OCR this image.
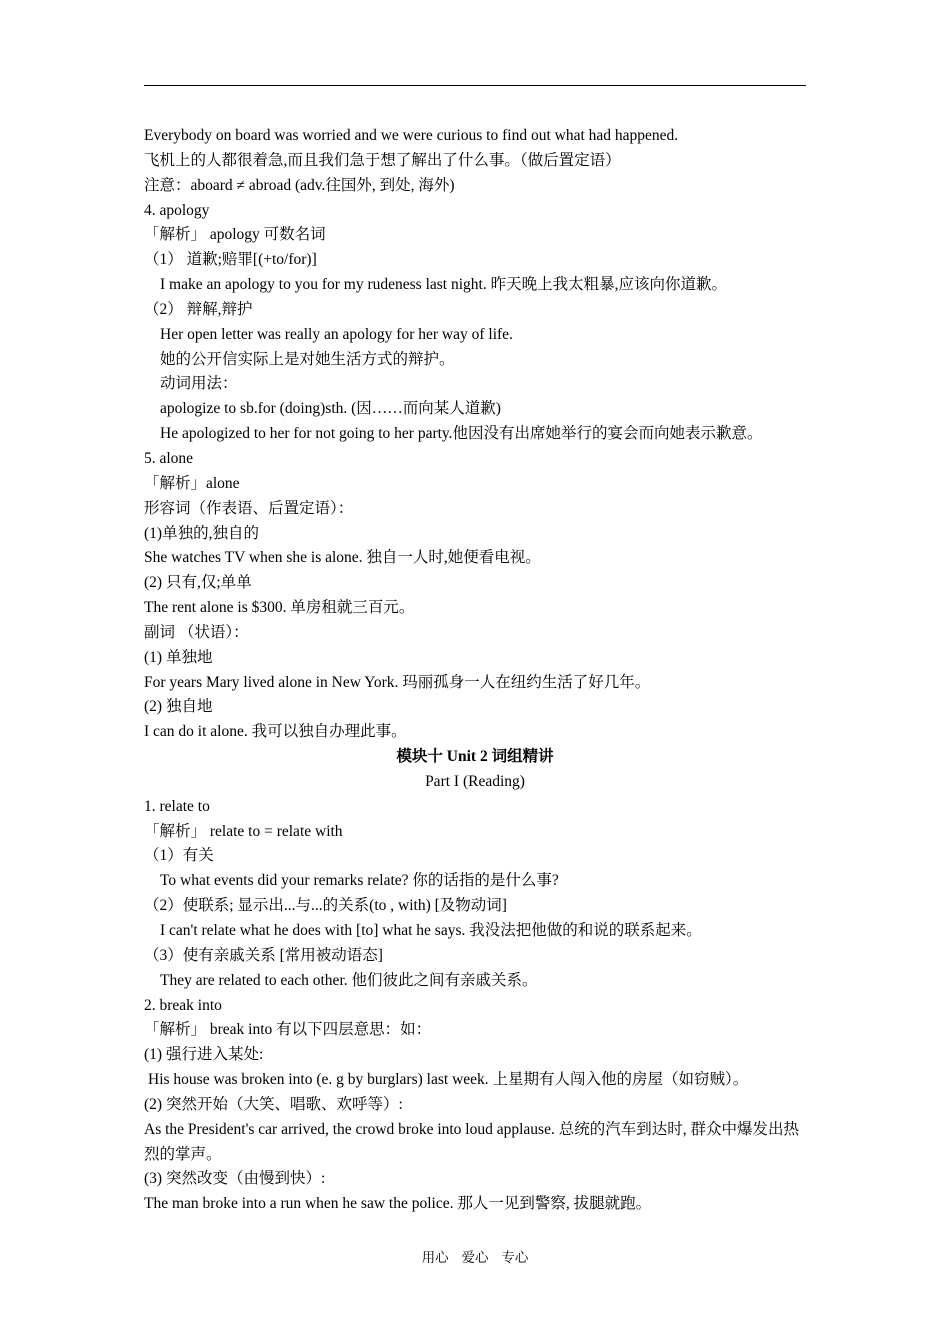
Everybody on board was worried and we were curious to find out what had happened.
飞机上的人都很着急,而且我们急于想了解出了什么事。（做后置定语）
注意：aboard ≠ abroad (adv.往国外, 到处, 海外)
4. apology
「解析」 apology 可数名词
（1） 道歉;赔罪[(+to/for)]
I make an apology to you for my rudeness last night. 昨天晚上我太粗暴,应该向你道歉。
（2） 辩解,辩护
Her open letter was really an apology for her way of life.
她的公开信实际上是对她生活方式的辩护。
动词用法：
apologize to sb.for (doing)sth. (因……而向某人道歉)
He apologized to her for not going to her party.他因没有出席她举行的宴会而向她表示歉意。
5. alone
「解析」alone
形容词（作表语、后置定语）：
(1)单独的,独自的
She watches TV when she is alone. 独自一人时,她便看电视。
(2) 只有,仅;单单
The rent alone is $300. 单房租就三百元。
副词 （状语）：
(1) 单独地
For years Mary lived alone in New York. 玛丽孤身一人在纽约生活了好几年。
(2) 独自地
I can do it alone. 我可以独自办理此事。
模块十 Unit 2 词组精讲
Part I (Reading)
1. relate to
「解析」 relate to = relate with
（1）有关
To what events did your remarks relate? 你的话指的是什么事?
（2）使联系; 显示出...与...的关系(to , with) [及物动词]
I can't relate what he does with [to] what he says. 我没法把他做的和说的联系起来。
（3）使有亲戚关系 [常用被动语态]
They are related to each other. 他们彼此之间有亲戚关系。
2. break into
「解析」 break into 有以下四层意思：如：
(1) 强行进入某处:
His house was broken into (e. g by burglars) last week. 上星期有人闯入他的房屋（如窃贼）。
(2) 突然开始（大笑、唱歌、欢呼等）:
As the President's car arrived, the crowd broke into loud applause. 总统的汽车到达时, 群众中爆发出热烈的掌声。
(3) 突然改变（由慢到快）:
The man broke into a run when he saw the police. 那人一见到警察, 拔腿就跑。
用心   爱心   专心
